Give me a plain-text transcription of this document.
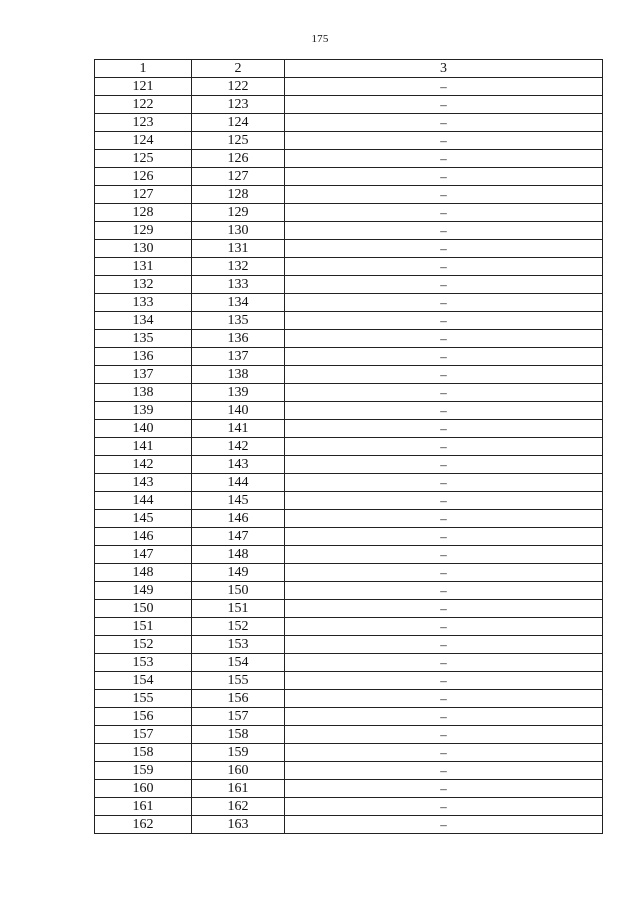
175
1	2	3
121	122	–
122	123	–
123	124	–
124	125	–
125	126	–
126	127	–
127	128	–
128	129	–
129	130	–
130	131	–
131	132	–
132	133	–
133	134	–
134	135	–
135	136	–
136	137	–
137	138	–
138	139	–
139	140	–
140	141	–
141	142	–
142	143	–
143	144	–
144	145	–
145	146	–
146	147	–
147	148	–
148	149	–
149	150	–
150	151	–
151	152	–
152	153	–
153	154	–
154	155	–
155	156	–
156	157	–
157	158	–
158	159	–
159	160	–
160	161	–
161	162	–
162	163	–
